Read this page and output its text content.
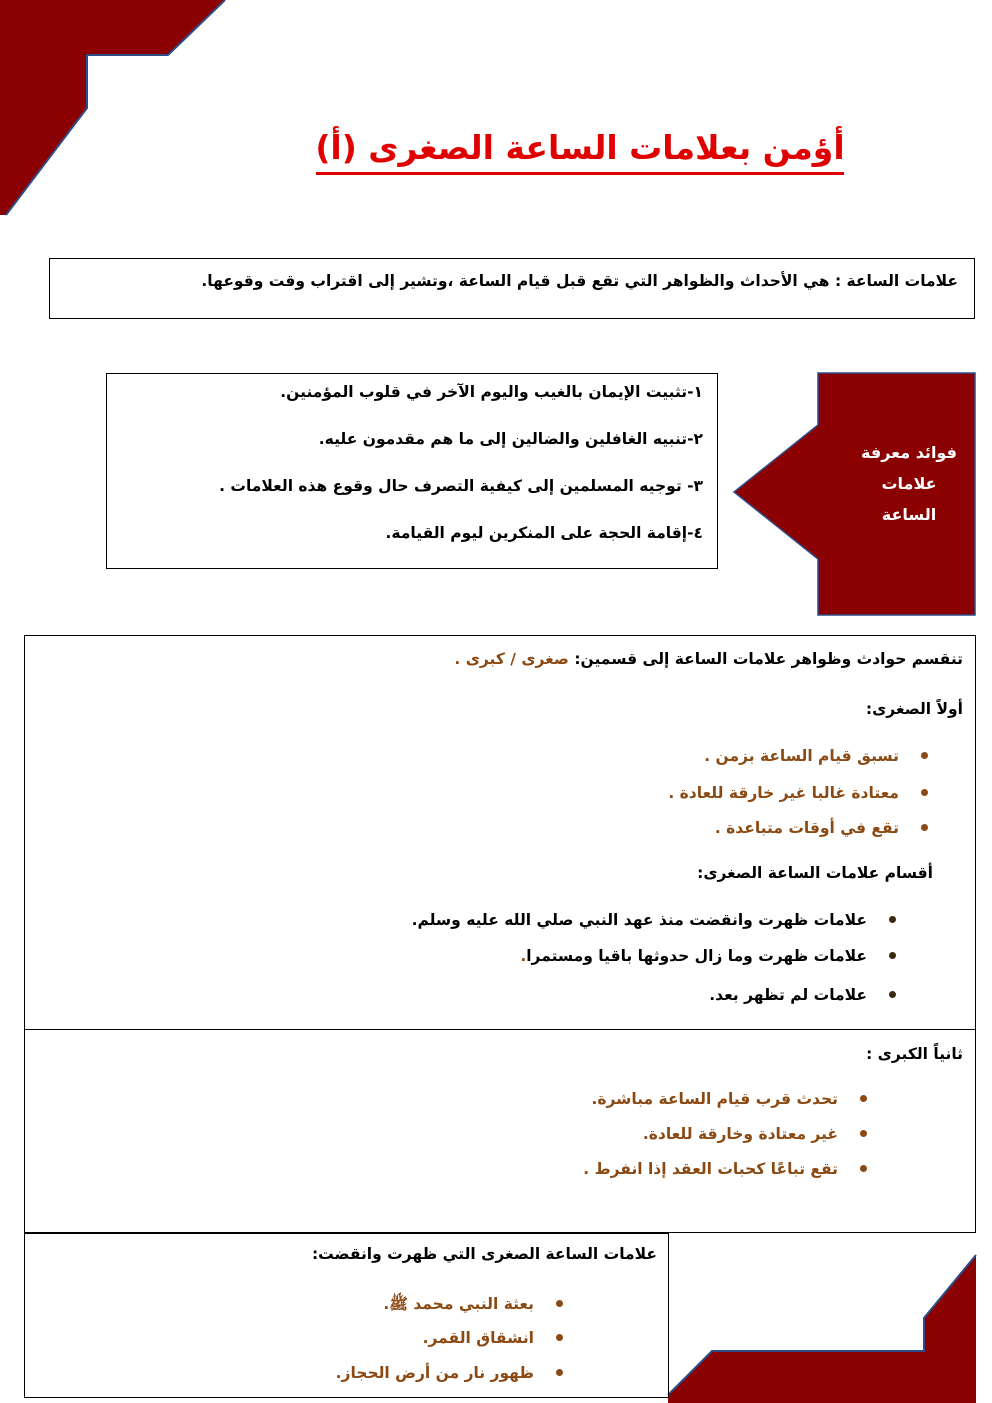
أؤمن بعلامات الساعة الصغرى (أ)
علامات الساعة : هي الأحداث والظواهر التي تقع قبل قيام الساعة ،وتشير إلى اقتراب وقت وقوعها.
١-تثبيت الإيمان بالغيب واليوم الآخر في قلوب المؤمنين.
٢-تنبيه الغافلين والضالين إلى ما هم مقدمون عليه.
٣- توجيه المسلمين إلى كيفية التصرف حال وقوع هذه العلامات .
٤-إقامة الحجة على المنكرين ليوم القيامة.
فوائد معرفة
علامات
الساعة
تنقسم حوادث وظواهر علامات الساعة إلى قسمين: صغرى / كبرى .
أولاً الصغرى:
تسبق قيام الساعة بزمن .
معتادة غالبا غير خارقة للعادة .
تقع في أوقات متباعدة .
أقسام علامات الساعة الصغرى:
علامات ظهرت وانقضت منذ عهد النبي صلي الله عليه وسلم.
علامات ظهرت وما زال حدوثها باقيا ومستمرا.
علامات لم تظهر بعد.
ثانياً الكبرى :
تحدث قرب قيام الساعة مباشرة.
غير معتادة وخارقة للعادة.
تقع تباعًا كحبات العقد إذا انفرط .
علامات الساعة الصغرى التي ظهرت وانقضت:
بعثة النبي محمد ﷺ.
انشقاق القمر.
ظهور نار من أرض الحجاز.
